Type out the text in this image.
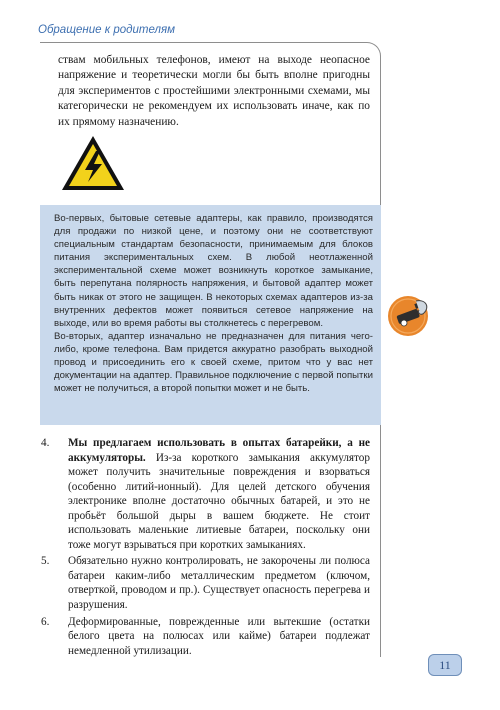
Обращение к родителям
ствам мобильных телефонов, имеют на выходе неопасное напряжение и теоретически могли бы быть вполне пригодны для экспериментов с простейшими электронными схемами, мы категорически не рекомендуем их использовать иначе, как по их прямому назначению.

Во-первых, бытовые сетевые адаптеры, как правило, производятся для продажи по низкой цене, и поэтому они не соответствуют специальным стандартам безопасности, принимаемым для блоков питания экспериментальных схем. В любой неотлаженной экспериментальной схеме может возникнуть короткое замыкание, быть перепутана полярность напряжения, и бытовой адаптер может быть никак от этого не защищен. В некоторых схемах адаптеров из-за внутренних дефектов может появиться сетевое напряжение на выходе, или во время работы вы столкнетесь с перегревом.

Во-вторых, адаптер изначально не предназначен для питания чего-либо, кроме телефона. Вам придется аккуратно разобрать выходной провод и присоединить его к своей схеме, притом что у вас нет документации на адаптер. Правильное подключение с первой попытки может не получиться, а второй попытки может и не быть.

4.	Мы предлагаем использовать в опытах батарейки, а не аккумуляторы. Из-за короткого замыкания аккумулятор может получить значительные повреждения и взорваться (особенно литий-ионный). Для целей детского обучения электронике вполне достаточно обычных батарей, и это не пробьёт большой дыры в вашем бюджете. Не стоит использовать маленькие литиевые батареи, поскольку они тоже могут взрываться при коротких замыканиях.
5.	Обязательно нужно контролировать, не закорочены ли полюса батареи каким-либо металлическим предметом (ключом, отверткой, проводом и пр.). Существует опасность перегрева и разрушения.
6.	Деформированные, поврежденные или вытекшие (остатки белого цвета на полюсах или кайме) батареи подлежат немедленной утилизации.
11
